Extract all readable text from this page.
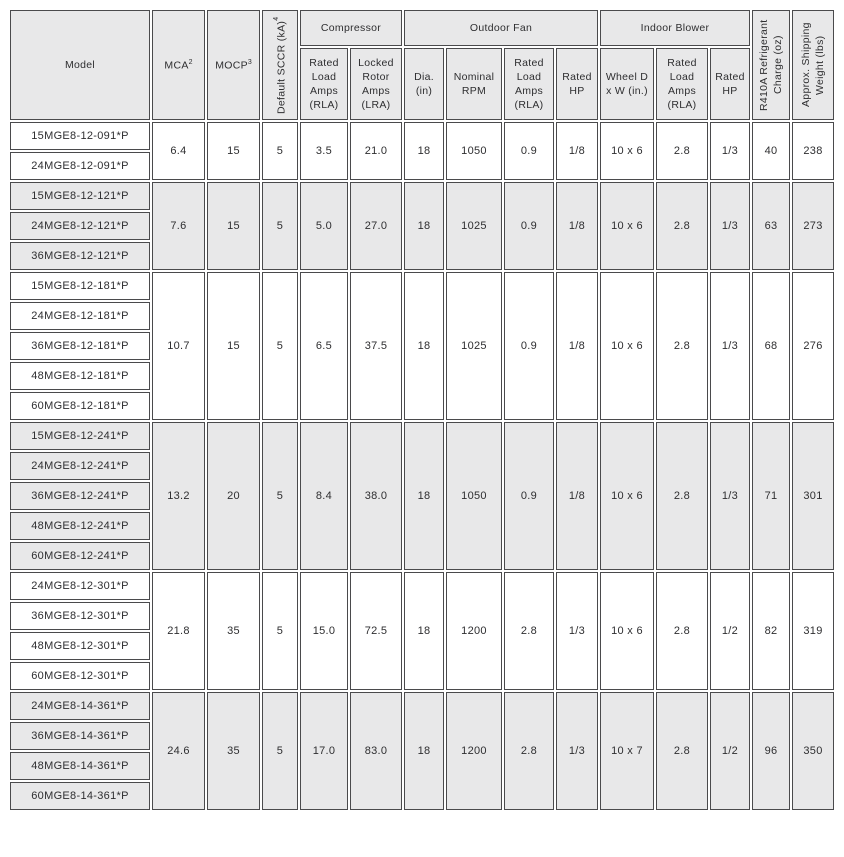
Model	MCA$^2$	MOCP$^3$	Default SCCR (kA)$^4$	Compressor		Outdoor Fan				Indoor Blower			R410A Refrigerant Charge (oz)	Approx. Shipping Weight (lbs)

				Rated Load Amps (RLA)	Locked Rotor Amps (LRA)	Dia. (in)	Nominal RPM	Rated Load Amps (RLA)	Rated HP	Wheel D x W (in.)	Rated Load Amps (RLA)	Rated HP		
15MGE8-12-091*P	6.4	15	5	3.5	21.0	18	1050	0.9	1/8	10 x 6	2.8	1/3	40	238
24MGE8-12-091*P														
15MGE8-12-121*P	7.6	15	5	5.0	27.0	18	1025	0.9	1/8	10 x 6	2.8	1/3	63	273
24MGE8-12-121*P														
36MGE8-12-121*P														
15MGE8-12-181*P	10.7	15	5	6.5	37.5	18	1025	0.9	1/8	10 x 6	2.8	1/3	68	276
24MGE8-12-181*P														
36MGE8-12-181*P														
48MGE8-12-181*P														
60MGE8-12-181*P														
15MGE8-12-241*P	13.2	20	5	8.4	38.0	18	1050	0.9	1/8	10 x 6	2.8	1/3	71	301
24MGE8-12-241*P														
36MGE8-12-241*P														
48MGE8-12-241*P														
60MGE8-12-241*P														
24MGE8-12-301*P	21.8	35	5	15.0	72.5	18	1200	2.8	1/3	10 x 6	2.8	1/2	82	319
36MGE8-12-301*P														
48MGE8-12-301*P														
60MGE8-12-301*P														
24MGE8-14-361*P	24.6	35	5	17.0	83.0	18	1200	2.8	1/3	10 x 7	2.8	1/2	96	350
36MGE8-14-361*P														
48MGE8-14-361*P														
60MGE8-14-361*P														
